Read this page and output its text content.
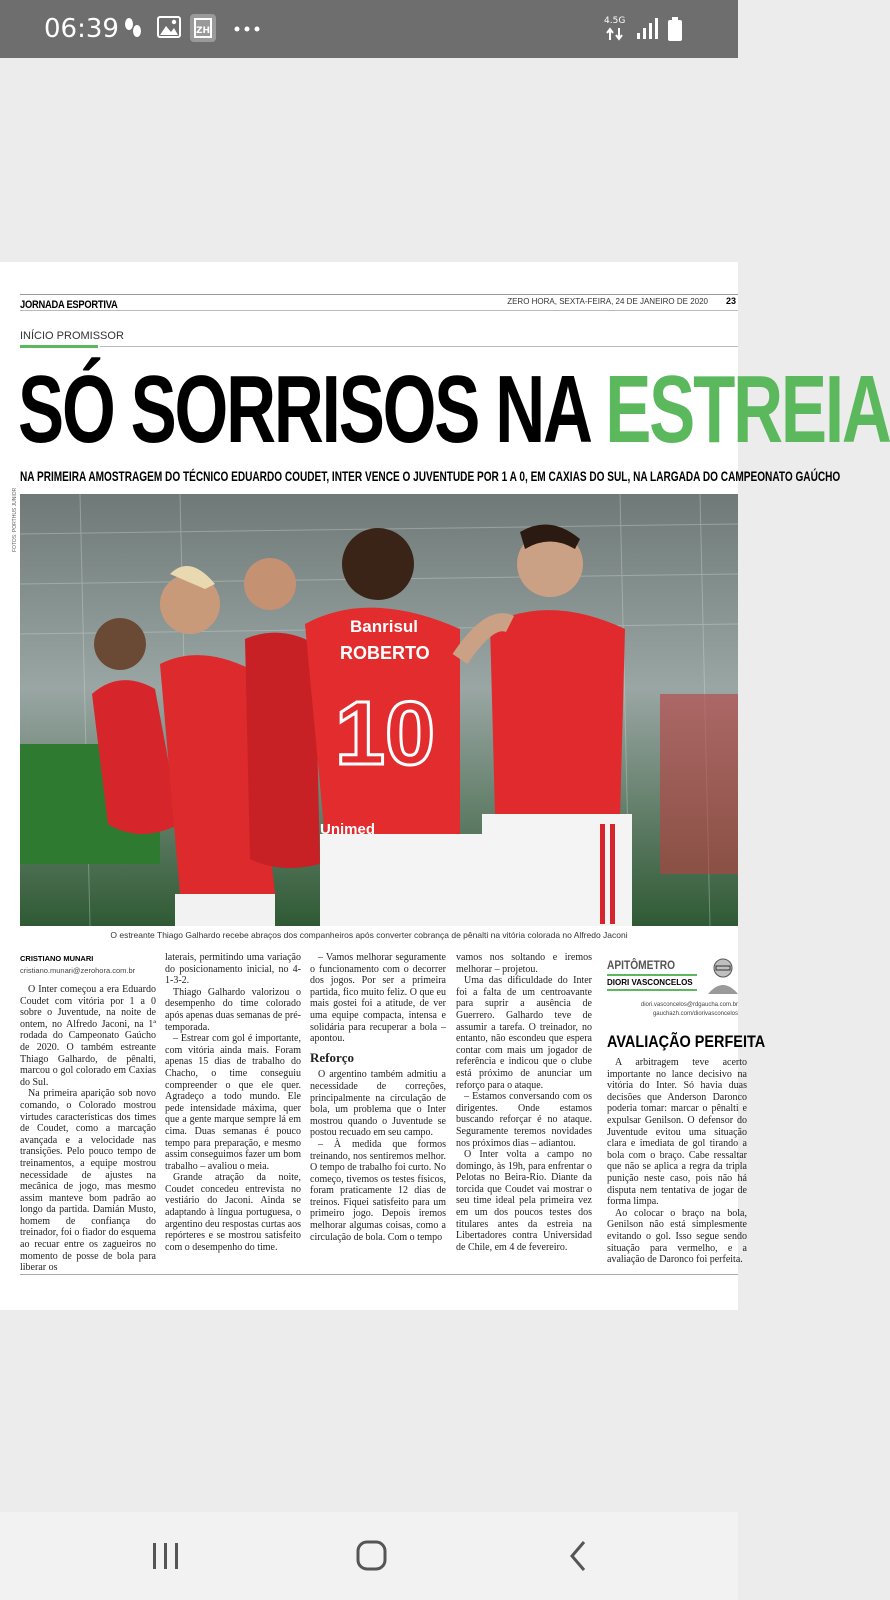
06:39	ZH
4.5G
JORNADA ESPORTIVA	ZERO HORA, SEXTA-FEIRA, 24 DE JANEIRO DE 2020 23
INÍCIO PROMISSOR
SÓ SORRISOS NA ESTREIA
NA PRIMEIRA AMOSTRAGEM DO TÉCNICO EDUARDO COUDET, INTER VENCE O JUVENTUDE POR 1 A 0, EM CAXIAS DO SUL, NA LARGADA DO CAMPEONATO GAÚCHO
FOTOS: PORTHUS JUNIOR
Banrisul
ROBERTO
10
Unimed
O estreante Thiago Galhardo recebe abraços dos companheiros após converter cobrança de pênalti na vitória colorada no Alfredo Jaconi
CRISTIANO MUNARI
cristiano.munari@zerohora.com.br

O Inter começou a era Eduardo Coudet com vitória por 1 a 0 sobre o Juventude, na noite de ontem, no Alfredo Jaconi, na 1ª rodada do Campeonato Gaúcho de 2020. O também estreante Thiago Galhardo, de pênalti, marcou o gol colorado em Caxias do Sul.

Na primeira aparição sob novo comando, o Colorado mostrou virtudes características dos times de Coudet, como a marcação avançada e a velocidade nas transições. Pelo pouco tempo de treinamentos, a equipe mostrou necessidade de ajustes na mecânica de jogo, mas mesmo assim manteve bom padrão ao longo da partida. Damián Musto, homem de confiança do treinador, foi o fiador do esquema ao recuar entre os zagueiros no momento de posse de bola para liberar os

laterais, permitindo uma variação do posicionamento inicial, no 4-1-3-2.

Thiago Galhardo valorizou o desempenho do time colorado após apenas duas semanas de pré-temporada.

– Estrear com gol é importante, com vitória ainda mais. Foram apenas 15 dias de trabalho do Chacho, o time conseguiu compreender o que ele quer. Agradeço a todo mundo. Ele pede intensidade máxima, quer que a gente marque sempre lá em cima. Duas semanas é pouco tempo para preparação, e mesmo assim conseguimos fazer um bom trabalho – avaliou o meia.

Grande atração da noite, Coudet concedeu entrevista no vestiário do Jaconi. Ainda se adaptando à língua portuguesa, o argentino deu respostas curtas aos repórteres e se mostrou satisfeito com o desempenho do time.

– Vamos melhorar seguramente o funcionamento com o decorrer dos jogos. Por ser a primeira partida, fico muito feliz. O que eu mais gostei foi a atitude, de ver uma equipe compacta, intensa e solidária para recuperar a bola – apontou.

Reforço

O argentino também admitiu a necessidade de correções, principalmente na circulação de bola, um problema que o Inter mostrou quando o Juventude se postou recuado em seu campo.

– À medida que formos treinando, nos sentiremos melhor. O tempo de trabalho foi curto. No começo, tivemos os testes físicos, foram praticamente 12 dias de treinos. Fiquei satisfeito para um primeiro jogo. Depois iremos melhorar algumas coisas, como a circulação de bola. Com o tempo

vamos nos soltando e iremos melhorar – projetou.

Uma das dificuldade do Inter foi a falta de um centroavante para suprir a ausência de Guerrero. Galhardo teve de assumir a tarefa. O treinador, no entanto, não escondeu que espera contar com mais um jogador de referência e indicou que o clube está próximo de anunciar um reforço para o ataque.

– Estamos conversando com os dirigentes. Onde estamos buscando reforçar é no ataque. Seguramente teremos novidades nos próximos dias – adiantou.

O Inter volta a campo no domingo, às 19h, para enfrentar o Pelotas no Beira-Rio. Diante da torcida que Coudet vai mostrar o seu time ideal pela primeira vez em um dos poucos testes dos titulares antes da estreia na Libertadores contra Universidad de Chile, em 4 de fevereiro.

APITÔMETRO
DIORI VASCONCELOS
diori.vasconcelos@rdgaucha.com.br
gauchazh.com/diorivasconcelos
AVALIAÇÃO PERFEITA

A arbitragem teve acerto importante no lance decisivo na vitória do Inter. Só havia duas decisões que Anderson Daronco poderia tomar: marcar o pênalti e expulsar Genilson. O defensor do Juventude evitou uma situação clara e imediata de gol tirando a bola com o braço. Cabe ressaltar que não se aplica a regra da tripla punição neste caso, pois não há disputa nem tentativa de jogar de forma limpa.

Ao colocar o braço na bola, Genilson não está simplesmente evitando o gol. Isso segue sendo situação para vermelho, e a avaliação de Daronco foi perfeita.
